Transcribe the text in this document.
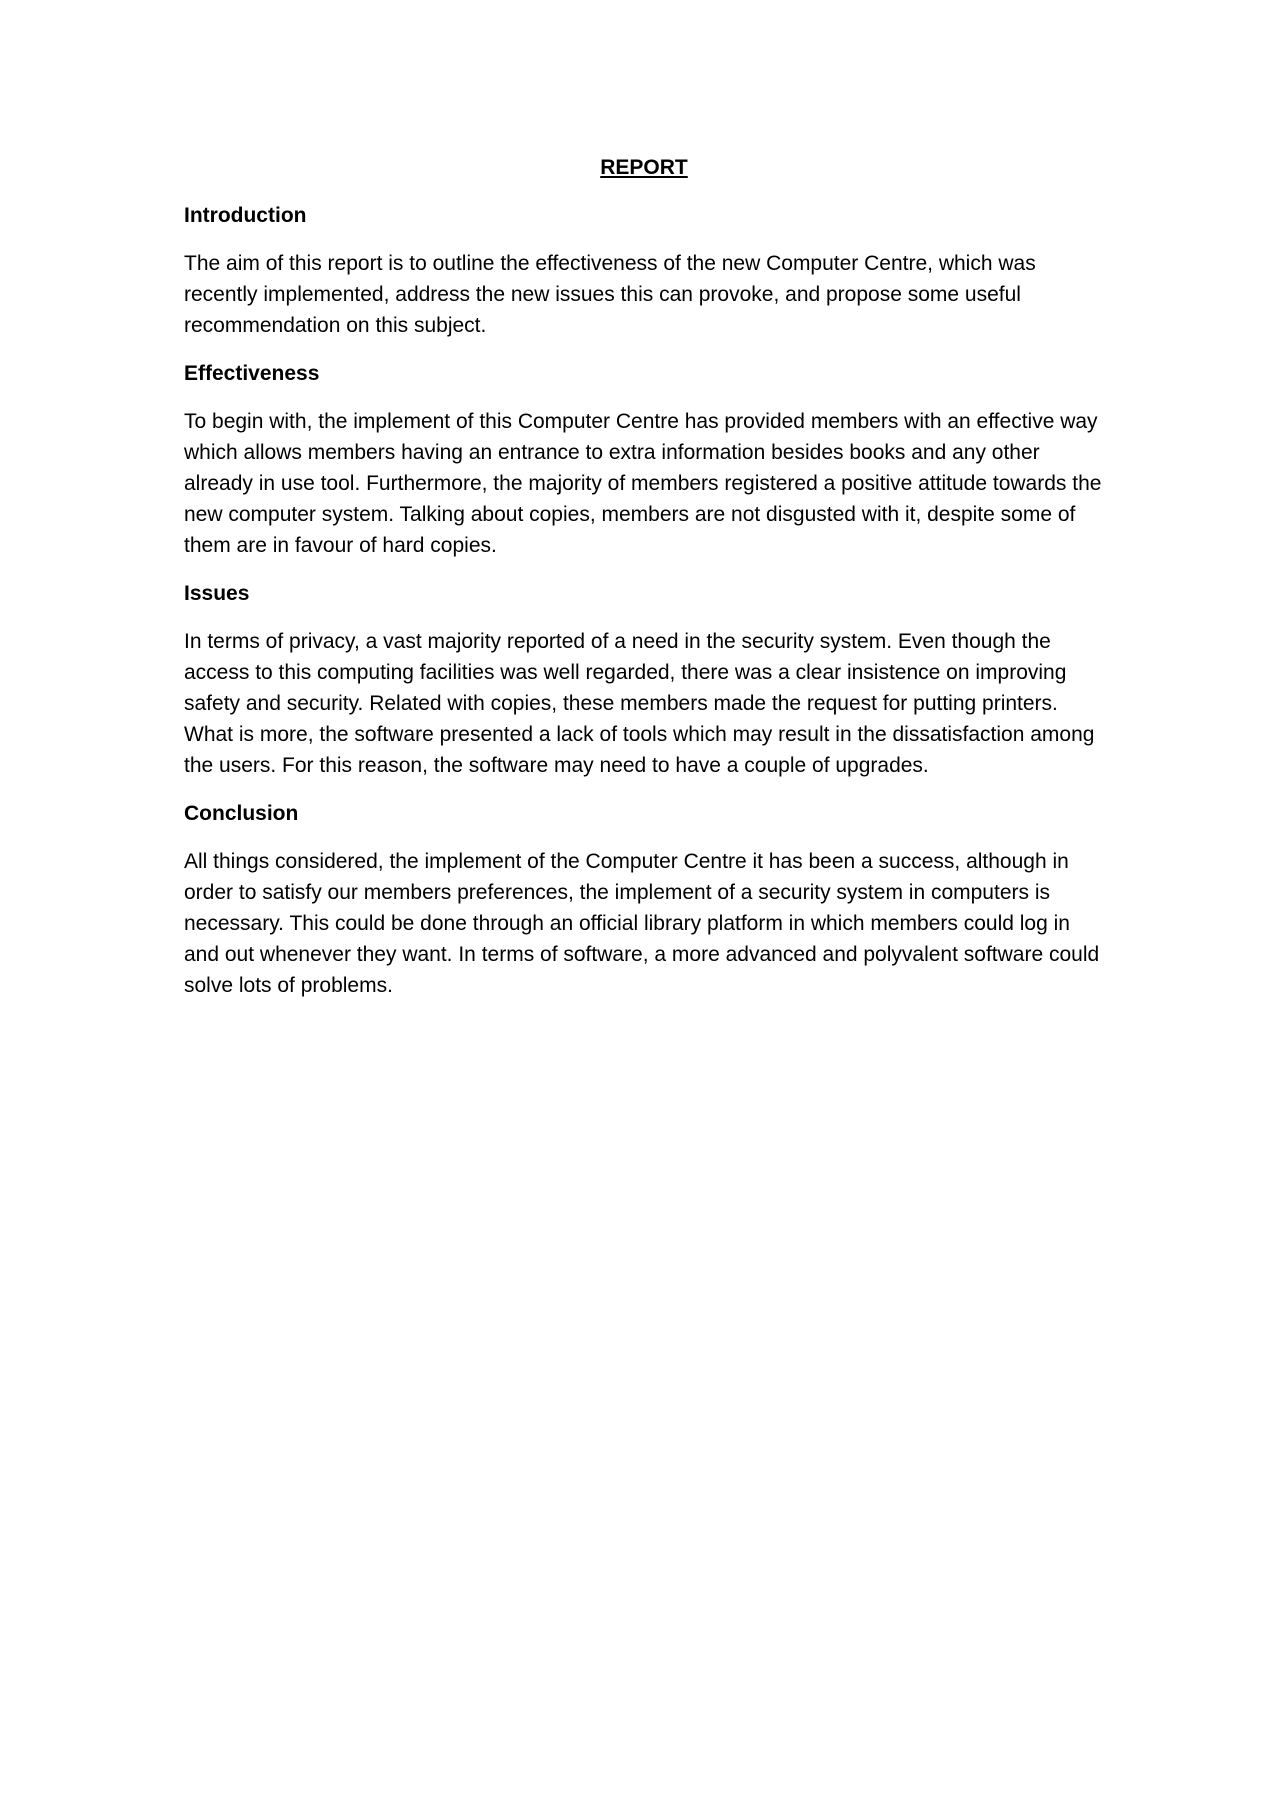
REPORT
Introduction

The aim of this report is to outline the effectiveness of the new Computer Centre, which was recently implemented, address the new issues this can provoke, and propose some useful recommendation on this subject.

Effectiveness

To begin with, the implement of this Computer Centre has provided members with an effective way which allows members having an entrance to extra information besides books and any other already in use tool. Furthermore, the majority of members registered a positive attitude towards the new computer system. Talking about copies, members are not disgusted with it, despite some of them are in favour of hard copies.

Issues

In terms of privacy, a vast majority reported of a need in the security system. Even though the access to this computing facilities was well regarded, there was a clear insistence on improving safety and security. Related with copies, these members made the request for putting printers. What is more, the software presented a lack of tools which may result in the dissatisfaction among the users. For this reason, the software may need to have a couple of upgrades.

Conclusion

All things considered, the implement of the Computer Centre it has been a success, although in order to satisfy our members preferences, the implement of a security system in computers is necessary. This could be done through an official library platform in which members could log in and out whenever they want. In terms of software, a more advanced and polyvalent software could solve lots of problems.
